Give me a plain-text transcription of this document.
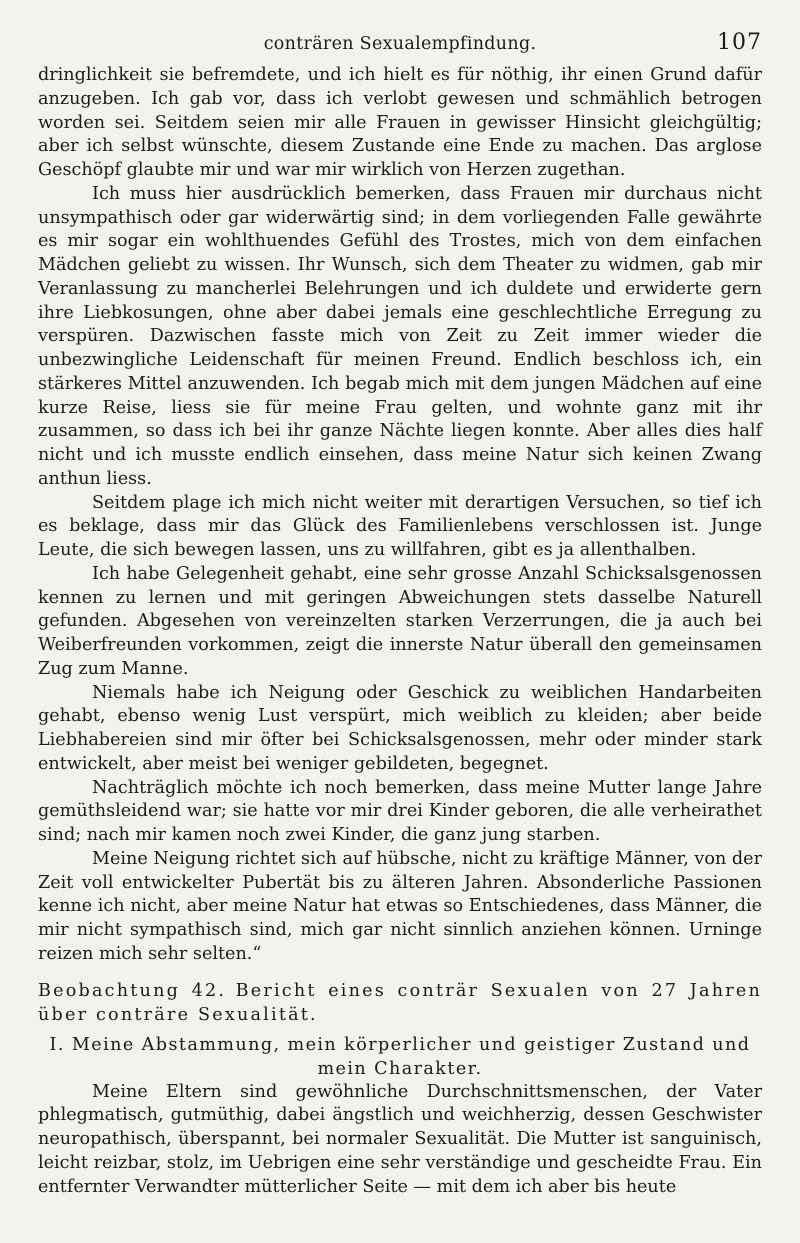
conträren Sexualempfindung.	107

dringlichkeit sie befremdete, und ich hielt es für nöthig, ihr einen Grund dafür anzugeben. Ich gab vor, dass ich verlobt gewesen und schmählich betrogen worden sei. Seitdem seien mir alle Frauen in gewisser Hinsicht gleichgültig; aber ich selbst wünschte, diesem Zustande eine Ende zu machen. Das arglose Geschöpf glaubte mir und war mir wirklich von Herzen zugethan.

Ich muss hier ausdrücklich bemerken, dass Frauen mir durchaus nicht unsympathisch oder gar widerwärtig sind; in dem vorliegenden Falle gewährte es mir sogar ein wohlthuendes Gefühl des Trostes, mich von dem einfachen Mädchen geliebt zu wissen. Ihr Wunsch, sich dem Theater zu widmen, gab mir Veranlassung zu mancherlei Belehrungen und ich duldete und erwiderte gern ihre Liebkosungen, ohne aber dabei jemals eine geschlechtliche Erregung zu verspüren. Dazwischen fasste mich von Zeit zu Zeit immer wieder die unbezwingliche Leidenschaft für meinen Freund. Endlich beschloss ich, ein stärkeres Mittel anzuwenden. Ich begab mich mit dem jungen Mädchen auf eine kurze Reise, liess sie für meine Frau gelten, und wohnte ganz mit ihr zusammen, so dass ich bei ihr ganze Nächte liegen konnte. Aber alles dies half nicht und ich musste endlich einsehen, dass meine Natur sich keinen Zwang anthun liess.

Seitdem plage ich mich nicht weiter mit derartigen Versuchen, so tief ich es beklage, dass mir das Glück des Familienlebens verschlossen ist. Junge Leute, die sich bewegen lassen, uns zu willfahren, gibt es ja allenthalben.

Ich habe Gelegenheit gehabt, eine sehr grosse Anzahl Schicksalsgenossen kennen zu lernen und mit geringen Abweichungen stets dasselbe Naturell gefunden. Abgesehen von vereinzelten starken Verzerrungen, die ja auch bei Weiberfreunden vorkommen, zeigt die innerste Natur überall den gemeinsamen Zug zum Manne.

Niemals habe ich Neigung oder Geschick zu weiblichen Handarbeiten gehabt, ebenso wenig Lust verspürt, mich weiblich zu kleiden; aber beide Liebhabereien sind mir öfter bei Schicksalsgenossen, mehr oder minder stark entwickelt, aber meist bei weniger gebildeten, begegnet.

Nachträglich möchte ich noch bemerken, dass meine Mutter lange Jahre gemüthsleidend war; sie hatte vor mir drei Kinder geboren, die alle verheirathet sind; nach mir kamen noch zwei Kinder, die ganz jung starben.

Meine Neigung richtet sich auf hübsche, nicht zu kräftige Männer, von der Zeit voll entwickelter Pubertät bis zu älteren Jahren. Absonderliche Passionen kenne ich nicht, aber meine Natur hat etwas so Entschiedenes, dass Männer, die mir nicht sympathisch sind, mich gar nicht sinnlich anziehen können. Urninge reizen mich sehr selten.“

Beobachtung 42. Bericht eines conträr Sexualen von 27 Jahren über conträre Sexualität.
I. Meine Abstammung, mein körperlicher und geistiger Zustand und mein Charakter.

Meine Eltern sind gewöhnliche Durchschnittsmenschen, der Vater phlegmatisch, gutmüthig, dabei ängstlich und weichherzig, dessen Geschwister neuropathisch, überspannt, bei normaler Sexualität. Die Mutter ist sanguinisch, leicht reizbar, stolz, im Uebrigen eine sehr verständige und gescheidte Frau. Ein entfernter Verwandter mütterlicher Seite — mit dem ich aber bis heute
